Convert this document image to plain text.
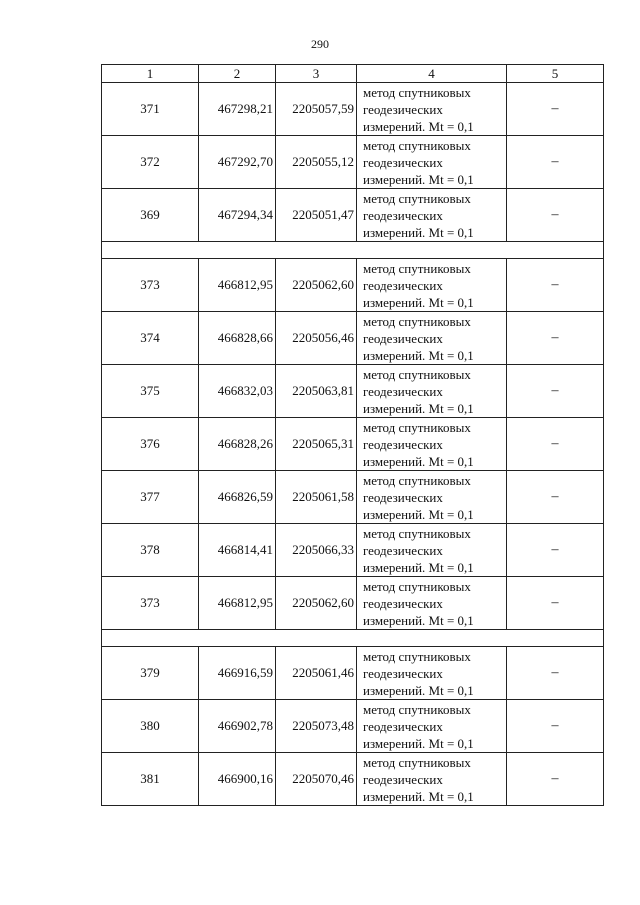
290
1	2	3	4	5
371	467298,21	2205057,59	метод спутниковых
геодезических
измерений. Mt = 0,1	–
372	467292,70	2205055,12	метод спутниковых
геодезических
измерений. Mt = 0,1	–
369	467294,34	2205051,47	метод спутниковых
геодезических
измерений. Mt = 0,1	–

373	466812,95	2205062,60	метод спутниковых
геодезических
измерений. Mt = 0,1	–
374	466828,66	2205056,46	метод спутниковых
геодезических
измерений. Mt = 0,1	–
375	466832,03	2205063,81	метод спутниковых
геодезических
измерений. Mt = 0,1	–
376	466828,26	2205065,31	метод спутниковых
геодезических
измерений. Mt = 0,1	–
377	466826,59	2205061,58	метод спутниковых
геодезических
измерений. Mt = 0,1	–
378	466814,41	2205066,33	метод спутниковых
геодезических
измерений. Mt = 0,1	–
373	466812,95	2205062,60	метод спутниковых
геодезических
измерений. Mt = 0,1	–

379	466916,59	2205061,46	метод спутниковых
геодезических
измерений. Mt = 0,1	–
380	466902,78	2205073,48	метод спутниковых
геодезических
измерений. Mt = 0,1	–
381	466900,16	2205070,46	метод спутниковых
геодезических
измерений. Mt = 0,1	–
